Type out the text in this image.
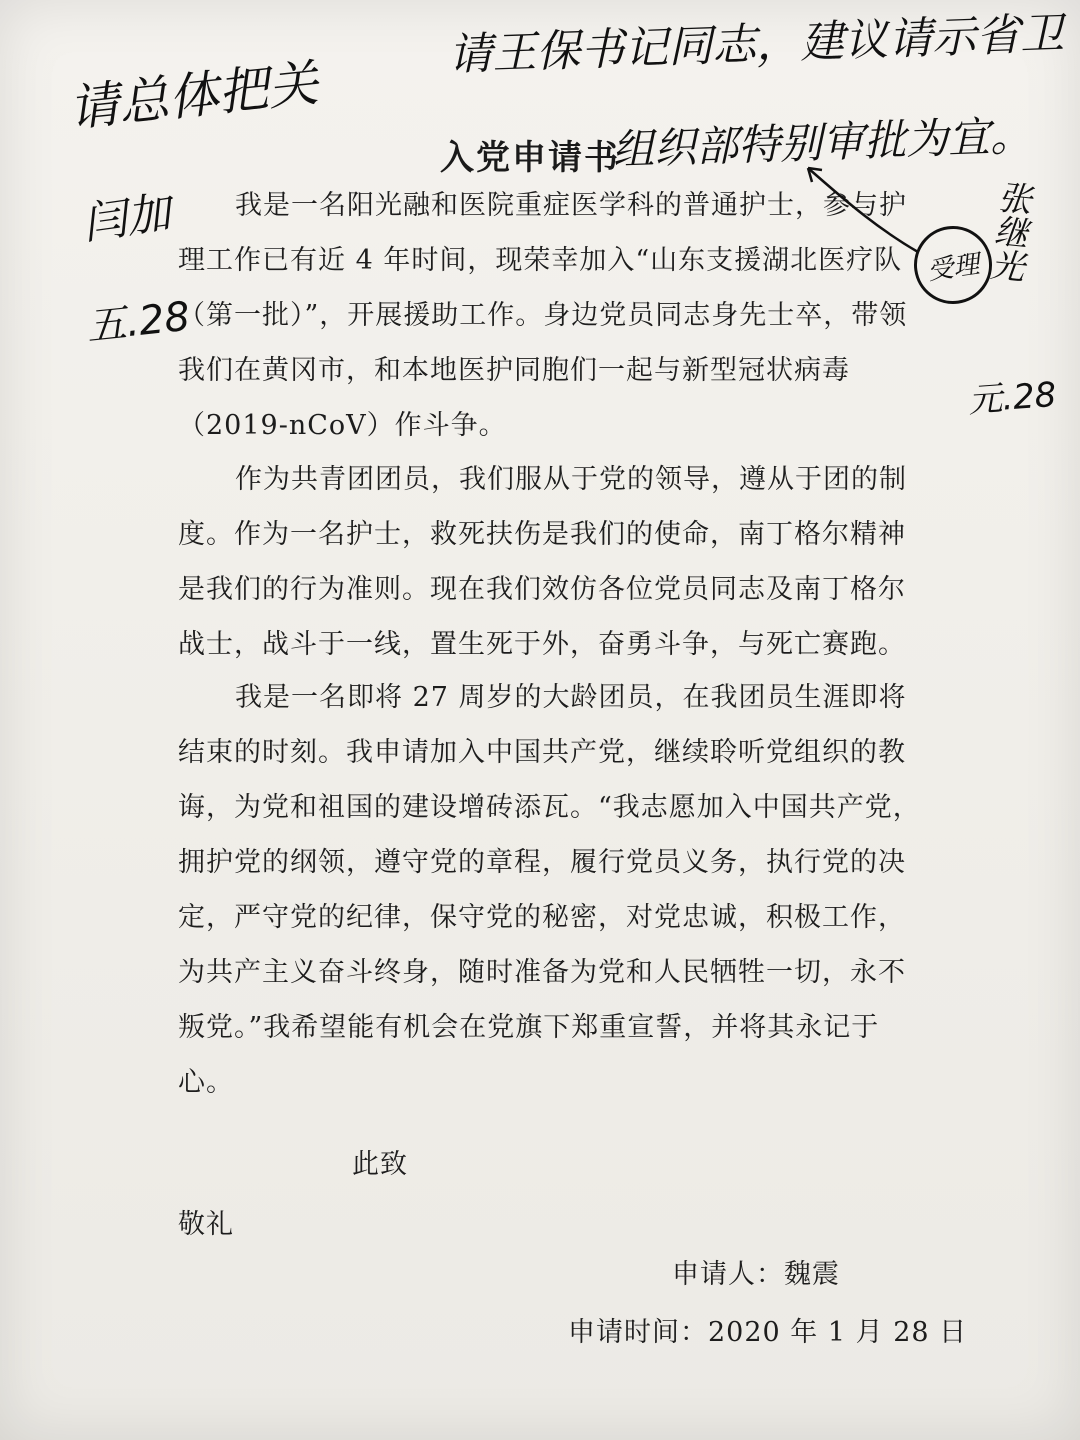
入党申请书
我是一名阳光融和医院重症医学科的普通护士，参与护
理工作已有近 4 年时间，现荣幸加入“山东支援湖北医疗队
（第一批）”，开展援助工作。身边党员同志身先士卒，带领
我们在黄冈市，和本地医护同胞们一起与新型冠状病毒
（2019-nCoV）作斗争。
作为共青团团员，我们服从于党的领导，遵从于团的制
度。作为一名护士，救死扶伤是我们的使命，南丁格尔精神
是我们的行为准则。现在我们效仿各位党员同志及南丁格尔
战士，战斗于一线，置生死于外，奋勇斗争，与死亡赛跑。
我是一名即将 27 周岁的大龄团员，在我团员生涯即将
结束的时刻。我申请加入中国共产党，继续聆听党组织的教
诲，为党和祖国的建设增砖添瓦。“我志愿加入中国共产党，
拥护党的纲领，遵守党的章程，履行党员义务，执行党的决
定，严守党的纪律，保守党的秘密，对党忠诚，积极工作，
为共产主义奋斗终身，随时准备为党和人民牺牲一切，永不
叛党。”我希望能有机会在党旗下郑重宣誓，并将其永记于
心。
此致
敬礼
申请人：魏震
申请时间：2020 年 1 月 28 日
请总体把关
请王保书记同志，建议请示省卫
组织部特别审批为宜。
闫加
五.28
张继光
元.28
受理
